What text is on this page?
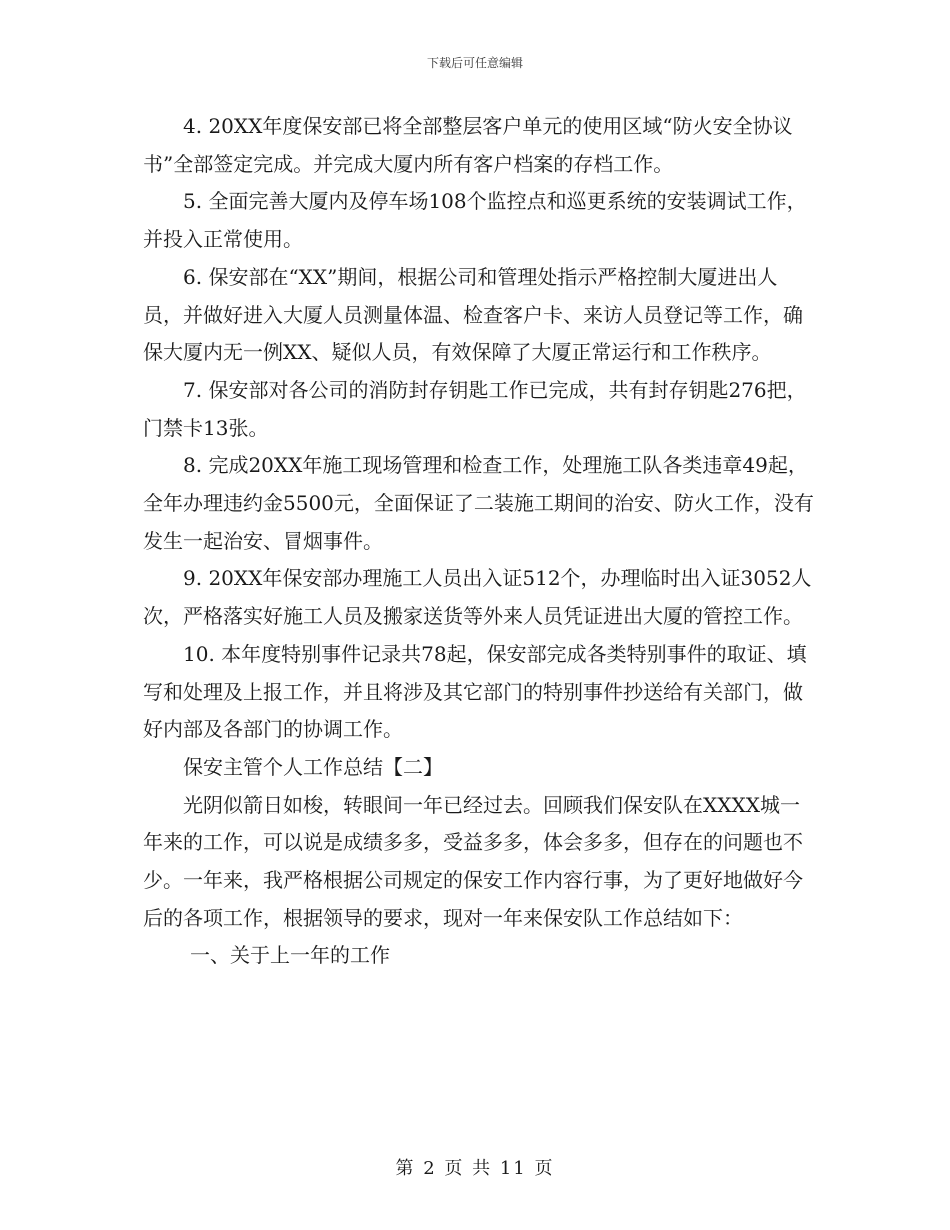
下载后可任意编辑

4. 20XX年度保安部已将全部整层客户单元的使用区域“防火安全协议书”全部签定完成。并完成大厦内所有客户档案的存档工作。

5. 全面完善大厦内及停车场108个监控点和巡更系统的安装调试工作，并投入正常使用。

6. 保安部在“XX”期间，根据公司和管理处指示严格控制大厦进出人员，并做好进入大厦人员测量体温、检查客户卡、来访人员登记等工作，确保大厦内无一例XX、疑似人员，有效保障了大厦正常运行和工作秩序。

7. 保安部对各公司的消防封存钥匙工作已完成，共有封存钥匙276把，门禁卡13张。

8. 完成20XX年施工现场管理和检查工作，处理施工队各类违章49起，全年办理违约金5500元，全面保证了二装施工期间的治安、防火工作，没有发生一起治安、冒烟事件。

9. 20XX年保安部办理施工人员出入证512个，办理临时出入证3052人次，严格落实好施工人员及搬家送货等外来人员凭证进出大厦的管控工作。

10. 本年度特别事件记录共78起，保安部完成各类特别事件的取证、填写和处理及上报工作，并且将涉及其它部门的特别事件抄送给有关部门，做好内部及各部门的协调工作。

保安主管个人工作总结【二】

光阴似箭日如梭，转眼间一年已经过去。回顾我们保安队在XXXX城一年来的工作，可以说是成绩多多，受益多多，体会多多，但存在的问题也不少。一年来，我严格根据公司规定的保安工作内容行事，为了更好地做好今后的各项工作，根据领导的要求，现对一年来保安队工作总结如下：

一、关于上一年的工作

第 2 页 共 11 页
